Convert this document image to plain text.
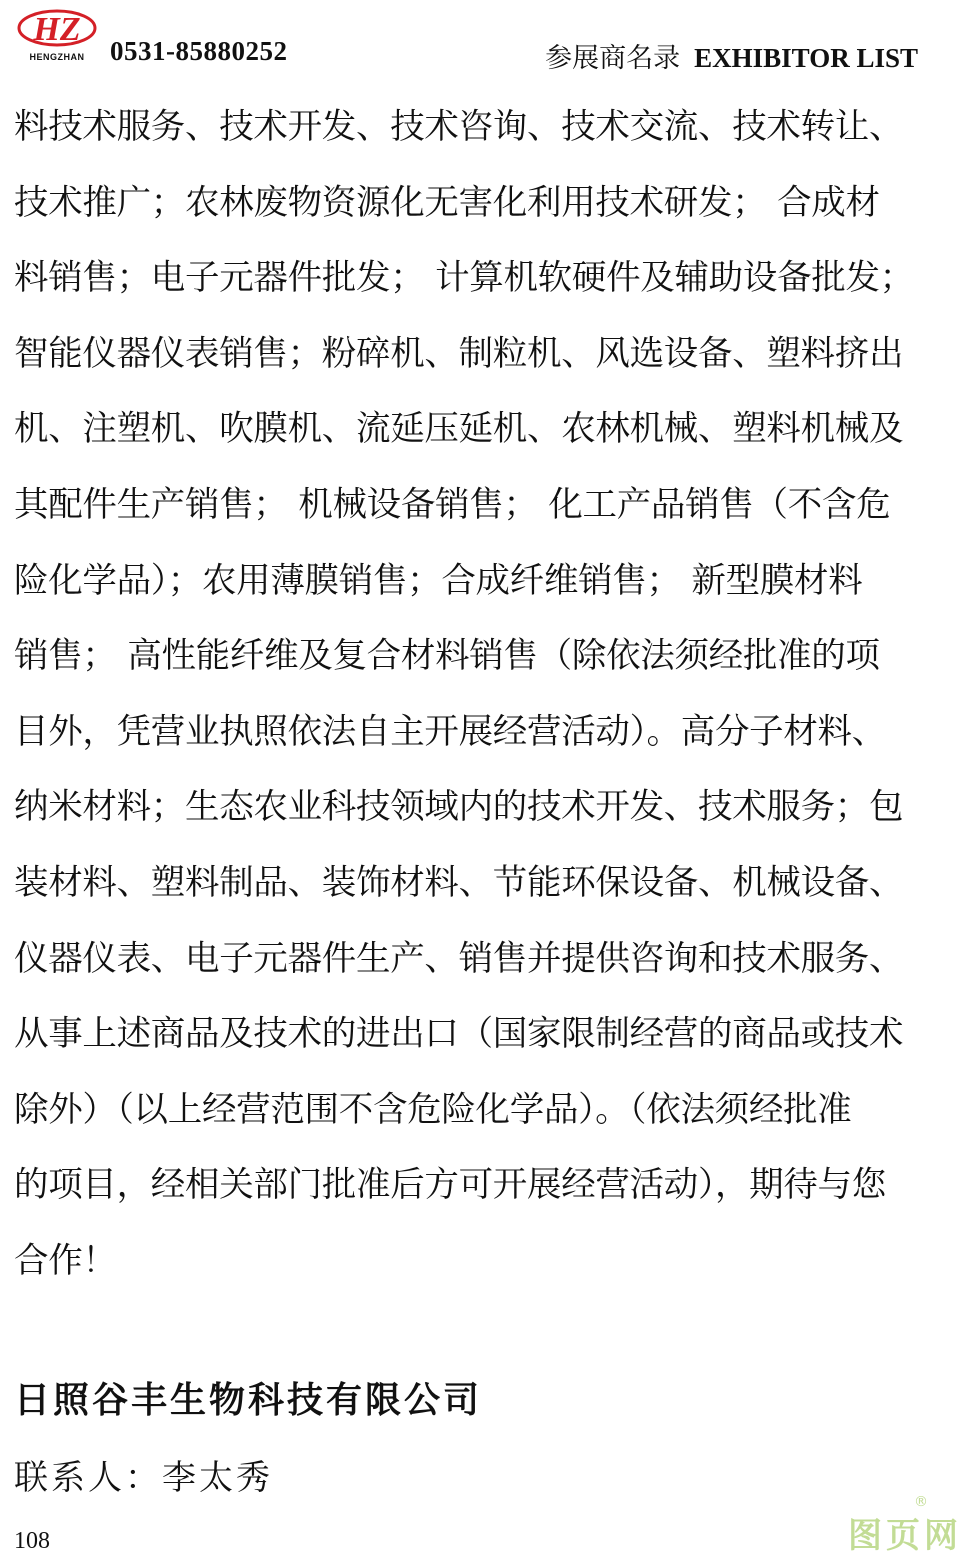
HZ
HENGZHAN 0531-85880252	参展商名录 EXHIBITOR LIST
料技术服务、技术开发、技术咨询、技术交流、技术转让、
技术推广；农林废物资源化无害化利用技术研发； 合成材
料销售；电子元器件批发； 计算机软硬件及辅助设备批发；
智能仪器仪表销售；粉碎机、制粒机、风选设备、塑料挤出
机、注塑机、吹膜机、流延压延机、农林机械、塑料机械及
其配件生产销售； 机械设备销售； 化工产品销售（不含危
险化学品）；农用薄膜销售；合成纤维销售； 新型膜材料
销售； 高性能纤维及复合材料销售（除依法须经批准的项
目外，凭营业执照依法自主开展经营活动）。高分子材料、
纳米材料；生态农业科技领域内的技术开发、技术服务；包
装材料、塑料制品、装饰材料、节能环保设备、机械设备、
仪器仪表、电子元器件生产、销售并提供咨询和技术服务、
从事上述商品及技术的进出口（国家限制经营的商品或技术
除外）（以上经营范围不含危险化学品）。（依法须经批准
的项目，经相关部门批准后方可开展经营活动），期待与您
合作！
日照谷丰生物科技有限公司
联系人：李太秀
108	图页网
®
